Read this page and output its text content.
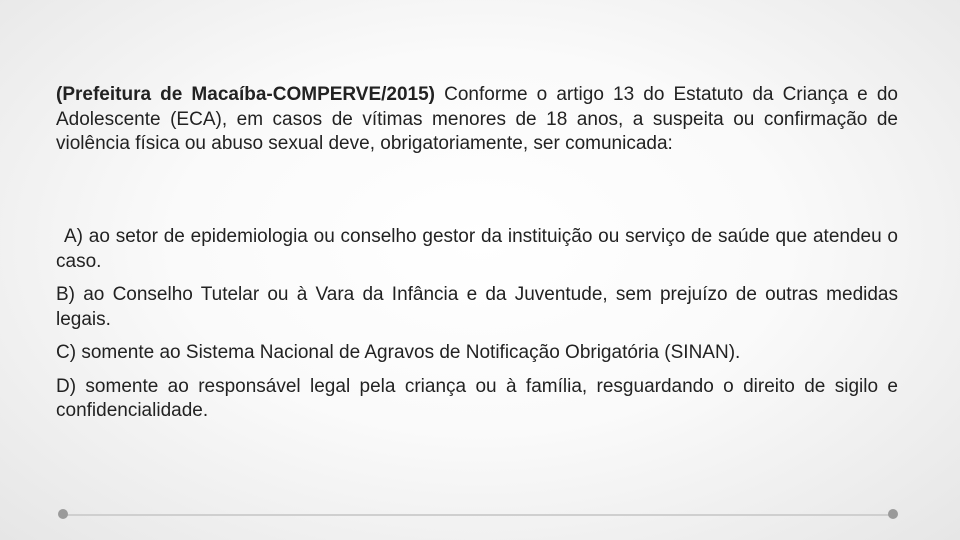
(Prefeitura de Macaíba-COMPERVE/2015) Conforme o artigo 13 do Estatuto da Criança e do Adolescente (ECA), em casos de vítimas menores de 18 anos, a suspeita ou confirmação de violência física ou abuso sexual deve, obrigatoriamente, ser comunicada:
A) ao setor de epidemiologia ou conselho gestor da instituição ou serviço de saúde que atendeu o caso.
B) ao Conselho Tutelar ou à Vara da Infância e da Juventude, sem prejuízo de outras medidas legais.
C) somente ao Sistema Nacional de Agravos de Notificação Obrigatória (SINAN).
D) somente ao responsável legal pela criança ou à família, resguardando o direito de sigilo e confidencialidade.
